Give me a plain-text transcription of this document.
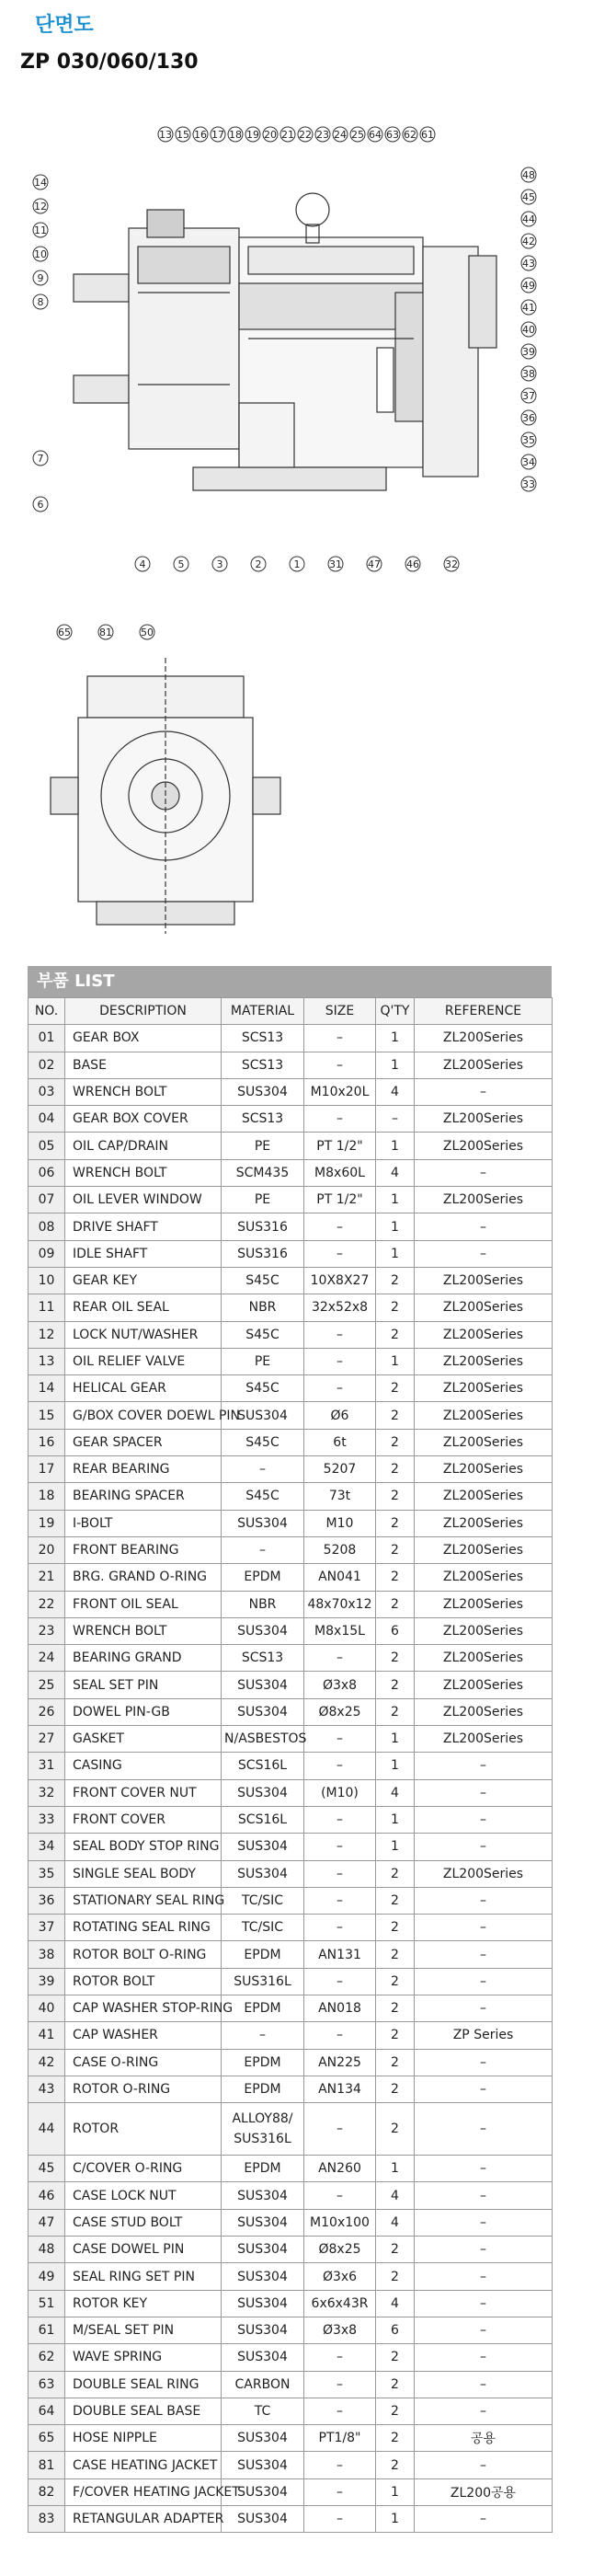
단면도
ZP 030/060/130
13 15 16 17 18 19 20 21 22 23 24 25 64 63 62 61
14
12
11
10
9
8
7
6
48
45
44
42
43
49
41
40
39
38
37
36
35
34
33
4	5	3	2	1	31	47	46	32
65	81	50
부품 LIST
NO.	DESCRIPTION	MATERIAL	SIZE	Q'TY	REFERENCE
01	GEAR BOX	SCS13	–	1	ZL200Series
02	BASE	SCS13	–	1	ZL200Series
03	WRENCH BOLT	SUS304	M10x20L	4	–
04	GEAR BOX COVER	SCS13	–	–	ZL200Series
05	OIL CAP/DRAIN	PE	PT 1/2"	1	ZL200Series
06	WRENCH BOLT	SCM435	M8x60L	4	–
07	OIL LEVER WINDOW	PE	PT 1/2"	1	ZL200Series
08	DRIVE SHAFT	SUS316	–	1	–
09	IDLE SHAFT	SUS316	–	1	–
10	GEAR KEY	S45C	10X8X27	2	ZL200Series
11	REAR OIL SEAL	NBR	32x52x8	2	ZL200Series
12	LOCK NUT/WASHER	S45C	–	2	ZL200Series
13	OIL RELIEF VALVE	PE	–	1	ZL200Series
14	HELICAL GEAR	S45C	–	2	ZL200Series
15	G/BOX COVER DOEWL PIN	SUS304	Ø6	2	ZL200Series
16	GEAR SPACER	S45C	6t	2	ZL200Series
17	REAR BEARING	–	5207	2	ZL200Series
18	BEARING SPACER	S45C	73t	2	ZL200Series
19	I-BOLT	SUS304	M10	2	ZL200Series
20	FRONT BEARING	–	5208	2	ZL200Series
21	BRG. GRAND O-RING	EPDM	AN041	2	ZL200Series
22	FRONT OIL SEAL	NBR	48x70x12	2	ZL200Series
23	WRENCH BOLT	SUS304	M8x15L	6	ZL200Series
24	BEARING GRAND	SCS13	–	2	ZL200Series
25	SEAL SET PIN	SUS304	Ø3x8	2	ZL200Series
26	DOWEL PIN-GB	SUS304	Ø8x25	2	ZL200Series
27	GASKET	N/ASBESTOS	–	1	ZL200Series
31	CASING	SCS16L	–	1	–
32	FRONT COVER NUT	SUS304	(M10)	4	–
33	FRONT COVER	SCS16L	–	1	–
34	SEAL BODY STOP RING	SUS304	–	1	–
35	SINGLE SEAL BODY	SUS304	–	2	ZL200Series
36	STATIONARY SEAL RING	TC/SIC	–	2	–
37	ROTATING SEAL RING	TC/SIC	–	2	–
38	ROTOR BOLT O-RING	EPDM	AN131	2	–
39	ROTOR BOLT	SUS316L	–	2	–
40	CAP WASHER STOP-RING	EPDM	AN018	2	–
41	CAP WASHER	–	–	2	ZP Series
42	CASE O-RING	EPDM	AN225	2	–
43	ROTOR O-RING	EPDM	AN134	2	–
44	ROTOR	ALLOY88/ SUS316L	–	2	–
45	C/COVER O-RING	EPDM	AN260	1	–
46	CASE LOCK NUT	SUS304	–	4	–
47	CASE STUD BOLT	SUS304	M10x100	4	–
48	CASE DOWEL PIN	SUS304	Ø8x25	2	–
49	SEAL RING SET PIN	SUS304	Ø3x6	2	–
51	ROTOR KEY	SUS304	6x6x43R	4	–
61	M/SEAL SET PIN	SUS304	Ø3x8	6	–
62	WAVE SPRING	SUS304	–	2	–
63	DOUBLE SEAL RING	CARBON	–	2	–
64	DOUBLE SEAL BASE	TC	–	2	–
65	HOSE NIPPLE	SUS304	PT1/8"	2	공용
81	CASE HEATING JACKET	SUS304	–	2	–
82	F/COVER HEATING JACKET	SUS304	–	1	ZL200공용
83	RETANGULAR ADAPTER	SUS304	–	1	–
